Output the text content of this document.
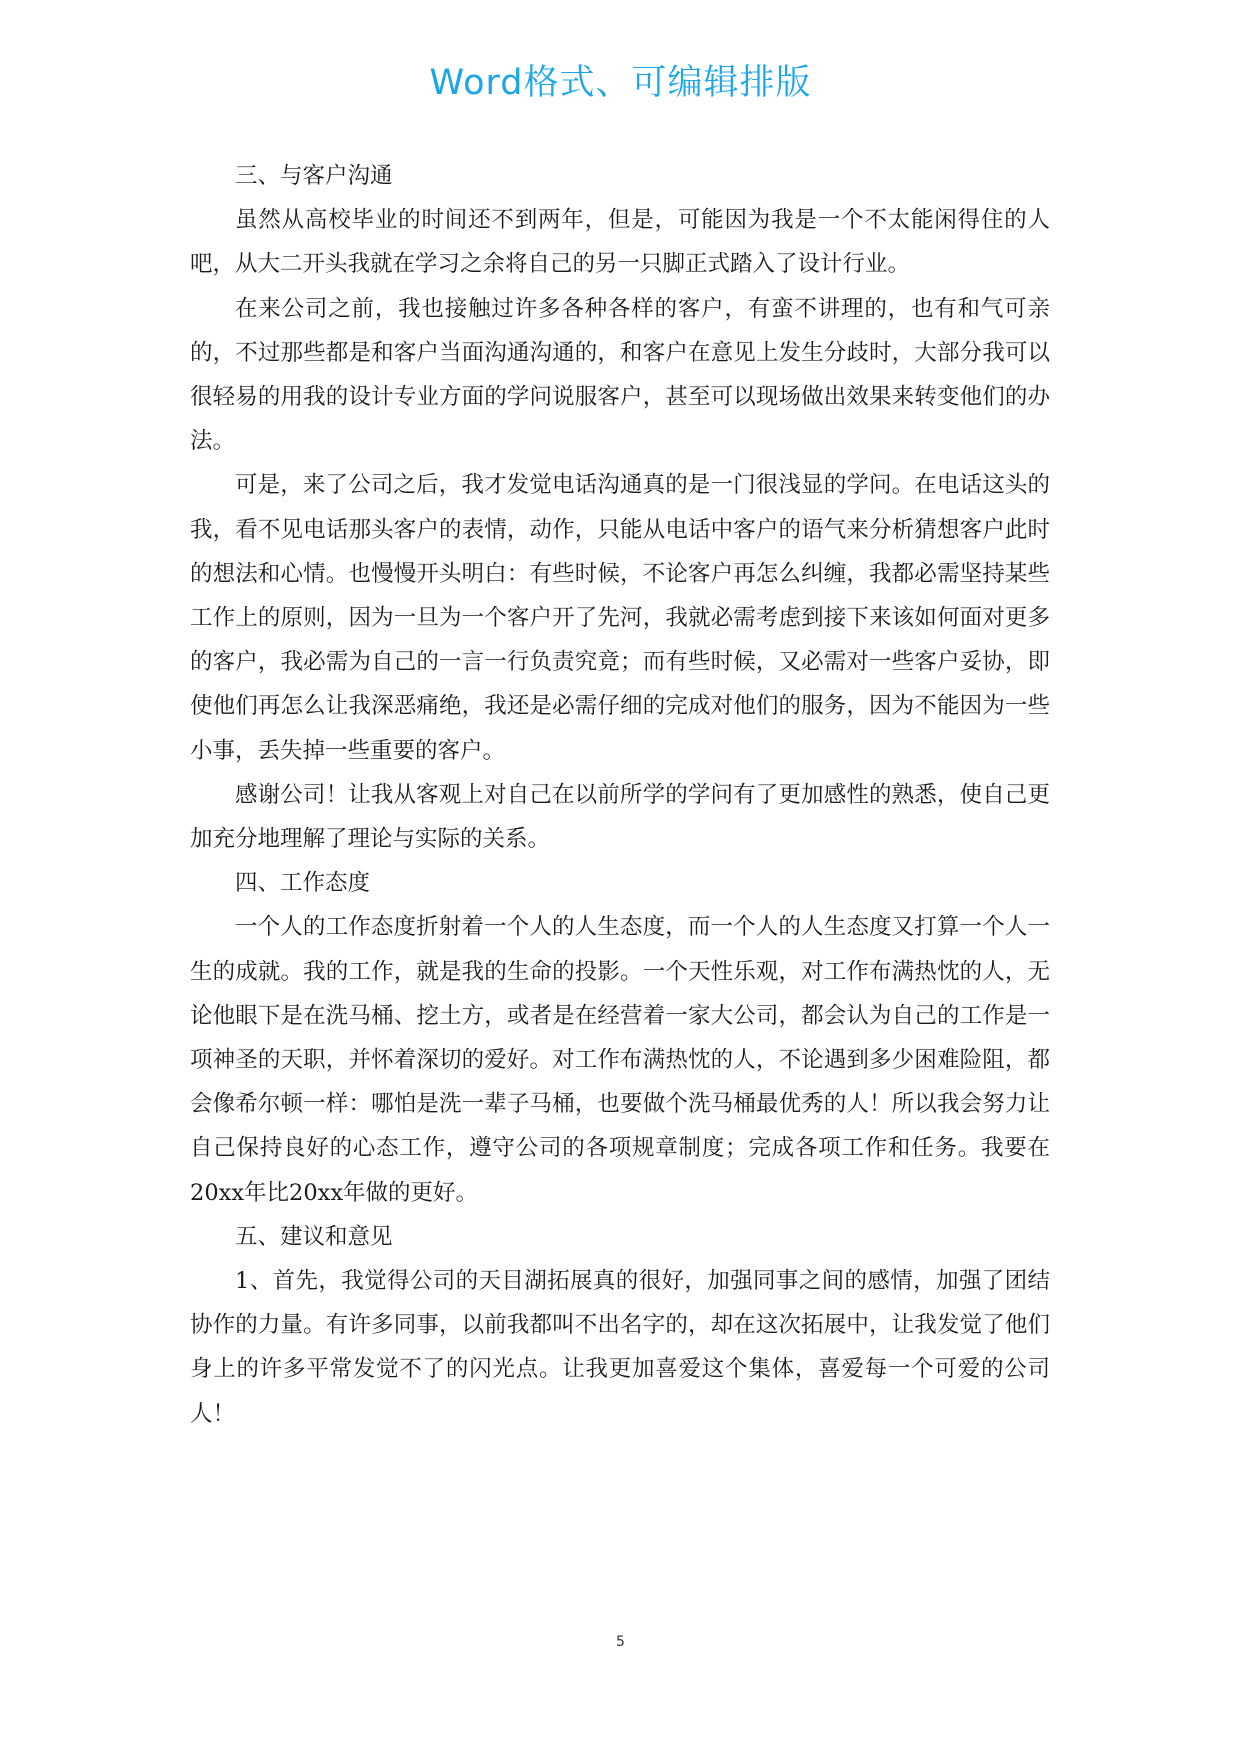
Word格式、可编辑排版

三、与客户沟通

虽然从高校毕业的时间还不到两年，但是，可能因为我是一个不太能闲得住的人吧，从大二开头我就在学习之余将自己的另一只脚正式踏入了设计行业。

在来公司之前，我也接触过许多各种各样的客户，有蛮不讲理的，也有和气可亲的，不过那些都是和客户当面沟通沟通的，和客户在意见上发生分歧时，大部分我可以很轻易的用我的设计专业方面的学问说服客户，甚至可以现场做出效果来转变他们的办法。

可是，来了公司之后，我才发觉电话沟通真的是一门很浅显的学问。在电话这头的我，看不见电话那头客户的表情，动作，只能从电话中客户的语气来分析猜想客户此时的想法和心情。也慢慢开头明白：有些时候，不论客户再怎么纠缠，我都必需坚持某些工作上的原则，因为一旦为一个客户开了先河，我就必需考虑到接下来该如何面对更多的客户，我必需为自己的一言一行负责究竟；而有些时候，又必需对一些客户妥协，即使他们再怎么让我深恶痛绝，我还是必需仔细的完成对他们的服务，因为不能因为一些小事，丢失掉一些重要的客户。

感谢公司！让我从客观上对自己在以前所学的学问有了更加感性的熟悉，使自己更加充分地理解了理论与实际的关系。

四、工作态度

一个人的工作态度折射着一个人的人生态度，而一个人的人生态度又打算一个人一生的成就。我的工作，就是我的生命的投影。一个天性乐观，对工作布满热忱的人，无论他眼下是在洗马桶、挖土方，或者是在经营着一家大公司，都会认为自己的工作是一项神圣的天职，并怀着深切的爱好。对工作布满热忱的人，不论遇到多少困难险阻，都会像希尔顿一样：哪怕是洗一辈子马桶，也要做个洗马桶最优秀的人！所以我会努力让自己保持良好的心态工作，遵守公司的各项规章制度；完成各项工作和任务。我要在20xx年比20xx年做的更好。

五、建议和意见

1、首先，我觉得公司的天目湖拓展真的很好，加强同事之间的感情，加强了团结协作的力量。有许多同事，以前我都叫不出名字的，却在这次拓展中，让我发觉了他们身上的许多平常发觉不了的闪光点。让我更加喜爱这个集体，喜爱每一个可爱的公司人！

5
